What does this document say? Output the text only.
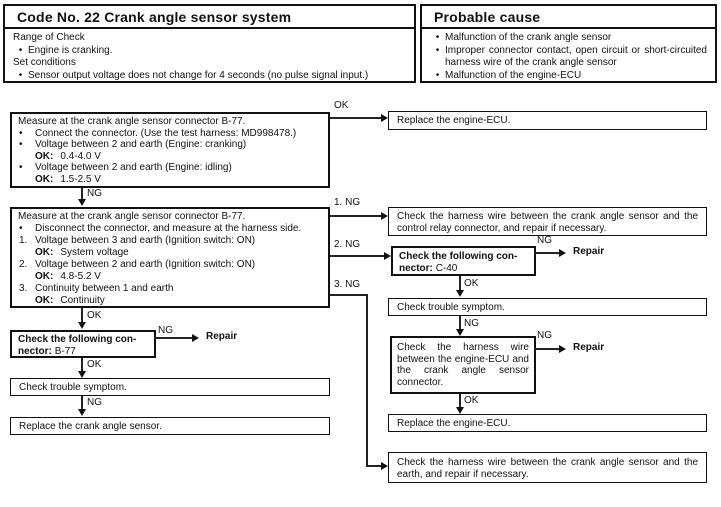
Code No. 22 Crank angle sensor system
Range of Check
• Engine is cranking.
Set conditions
• Sensor output voltage does not change for 4 seconds (no pulse signal input.)
Probable cause
• Malfunction of the crank angle sensor
• Improper connector contact, open circuit or short-circuited harness wire of the crank angle sensor
• Malfunction of the engine-ECU
Measure at the crank angle sensor connector B-77.
•	Connect the connector. (Use the test harness: MD998478.)
•	Voltage between 2 and earth (Engine: cranking)
OK: 0.4-4.0 V
•	Voltage between 2 and earth (Engine: idling)
OK: 1.5-2.5 V
Replace the engine-ECU.
Measure at the crank angle sensor connector B-77.
•	Disconnect the connector, and measure at the harness side.
1. Voltage between 3 and earth (Ignition switch: ON)
OK: System voltage
2. Voltage between 2 and earth (Ignition switch: ON)
OK: 4.8-5.2 V
3. Continuity between 1 and earth
OK: Continuity
Check the harness wire between the crank angle sensor and the control relay connector, and repair if necessary.
Check the following con-
nector: C-40
Check trouble symptom.
Check the harness wire between the engine-ECU and the crank angle sensor connector.
Replace the engine-ECU.
Check the harness wire between the crank angle sensor and the earth, and repair if necessary.
Check the following con-
nector: B-77
Check trouble symptom.
Replace the crank angle sensor.
OK
NG
1. NG
2. NG
3. NG
NG
Repair
OK
NG
NG
Repair
OK
OK
NG
Repair
OK
NG
